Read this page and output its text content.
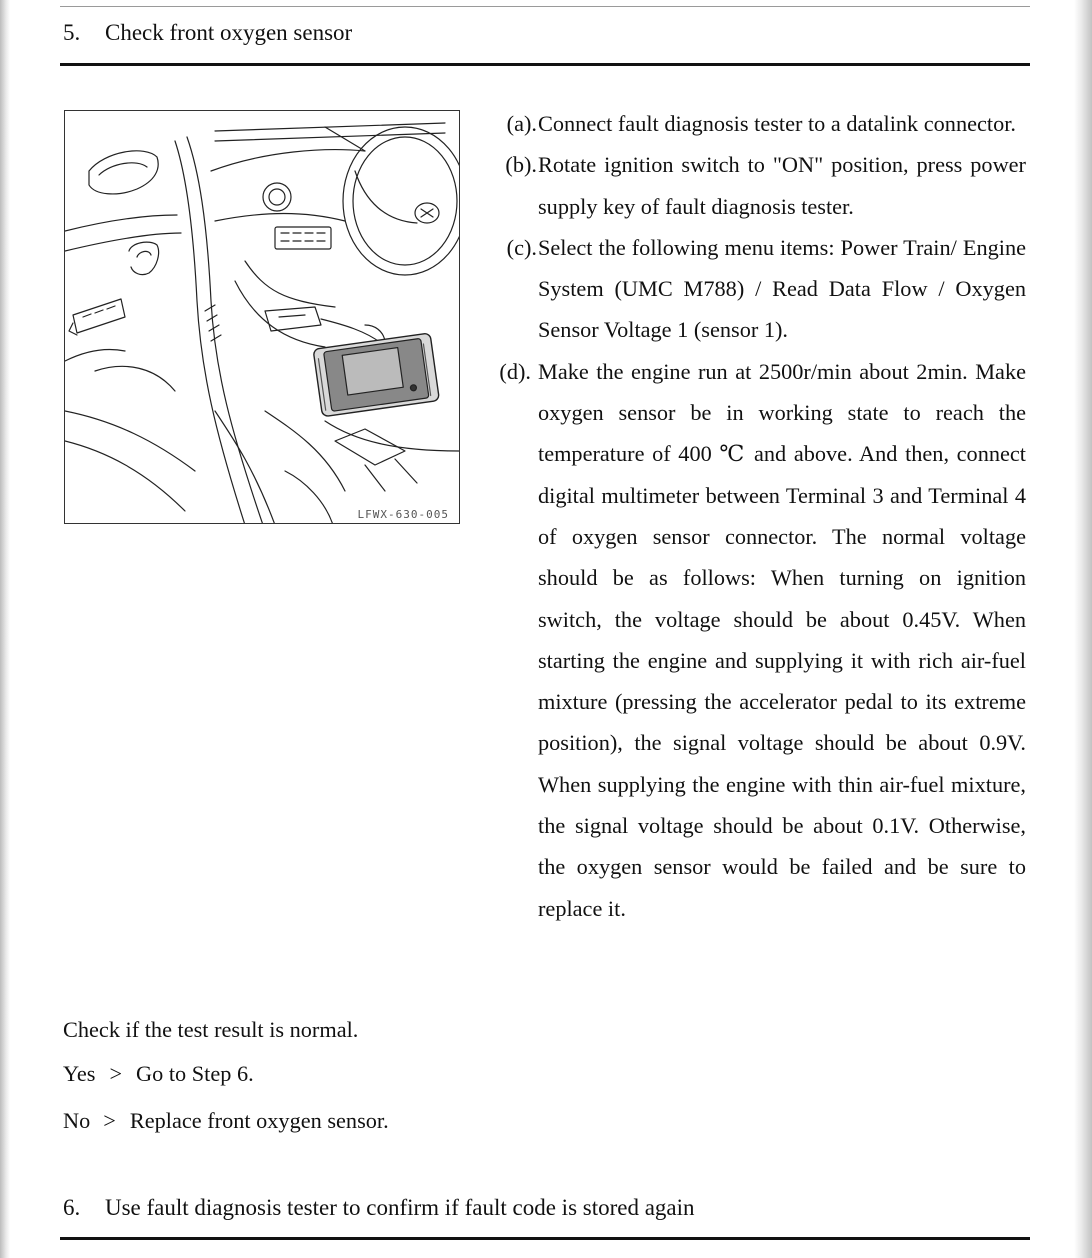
5. Check front oxygen sensor
LFWX-630-005
(a). Connect fault diagnosis tester to a datalink connector.
(b). Rotate ignition switch to "ON" position, press power supply key of fault diagnosis tester.
(c). Select the following menu items: Power Train/ Engine System (UMC M788) / Read Data Flow / Oxygen Sensor Voltage 1 (sensor 1).
(d). Make the engine run at 2500r/min about 2min. Make oxygen sensor be in working state to reach the temperature of 400 ℃ and above. And then, connect digital multimeter between Terminal 3 and Terminal 4 of oxygen sensor connector. The normal voltage should be as follows: When turning on ignition switch, the voltage should be about 0.45V. When starting the engine and supplying it with rich air-fuel mixture (pressing the accelerator pedal to its extreme position), the signal voltage should be about 0.9V. When supplying the engine with thin air-fuel mixture, the signal voltage should be about 0.1V. Otherwise, the oxygen sensor would be failed and be sure to replace it.
Check if the test result is normal.
Yes > Go to Step 6.
No > Replace front oxygen sensor.
6. Use fault diagnosis tester to confirm if fault code is stored again
